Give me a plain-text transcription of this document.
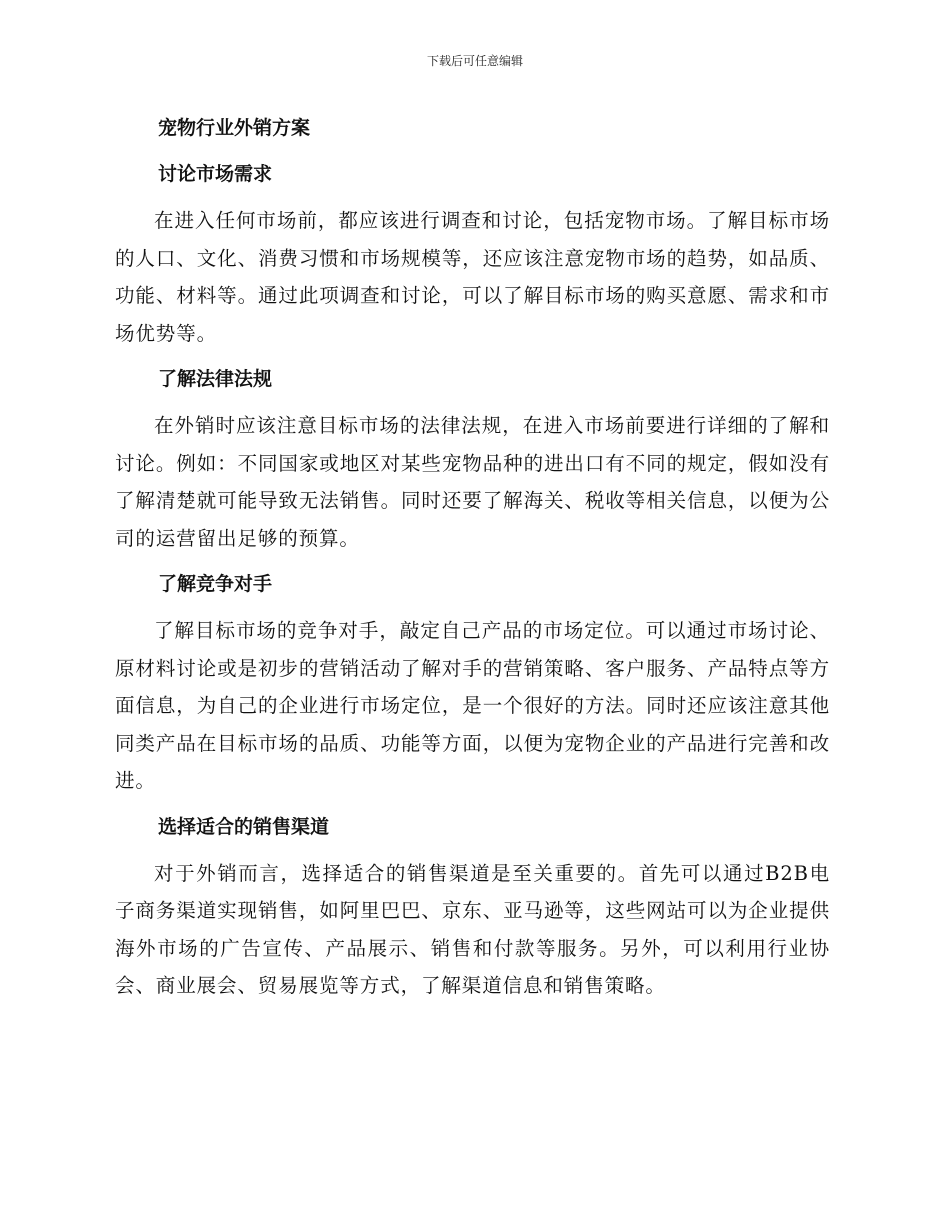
下载后可任意编辑
宠物行业外销方案
讨论市场需求

在进入任何市场前，都应该进行调查和讨论，包括宠物市场。了解目标市场的人口、文化、消费习惯和市场规模等，还应该注意宠物市场的趋势，如品质、功能、材料等。通过此项调查和讨论，可以了解目标市场的购买意愿、需求和市场优势等。

了解法律法规

在外销时应该注意目标市场的法律法规，在进入市场前要进行详细的了解和讨论。例如：不同国家或地区对某些宠物品种的进出口有不同的规定，假如没有了解清楚就可能导致无法销售。同时还要了解海关、税收等相关信息，以便为公司的运营留出足够的预算。

了解竞争对手

了解目标市场的竞争对手，敲定自己产品的市场定位。可以通过市场讨论、原材料讨论或是初步的营销活动了解对手的营销策略、客户服务、产品特点等方面信息，为自己的企业进行市场定位，是一个很好的方法。同时还应该注意其他同类产品在目标市场的品质、功能等方面，以便为宠物企业的产品进行完善和改进。

选择适合的销售渠道

对于外销而言，选择适合的销售渠道是至关重要的。首先可以通过B2B电子商务渠道实现销售，如阿里巴巴、京东、亚马逊等，这些网站可以为企业提供海外市场的广告宣传、产品展示、销售和付款等服务。另外，可以利用行业协会、商业展会、贸易展览等方式，了解渠道信息和销售策略。
